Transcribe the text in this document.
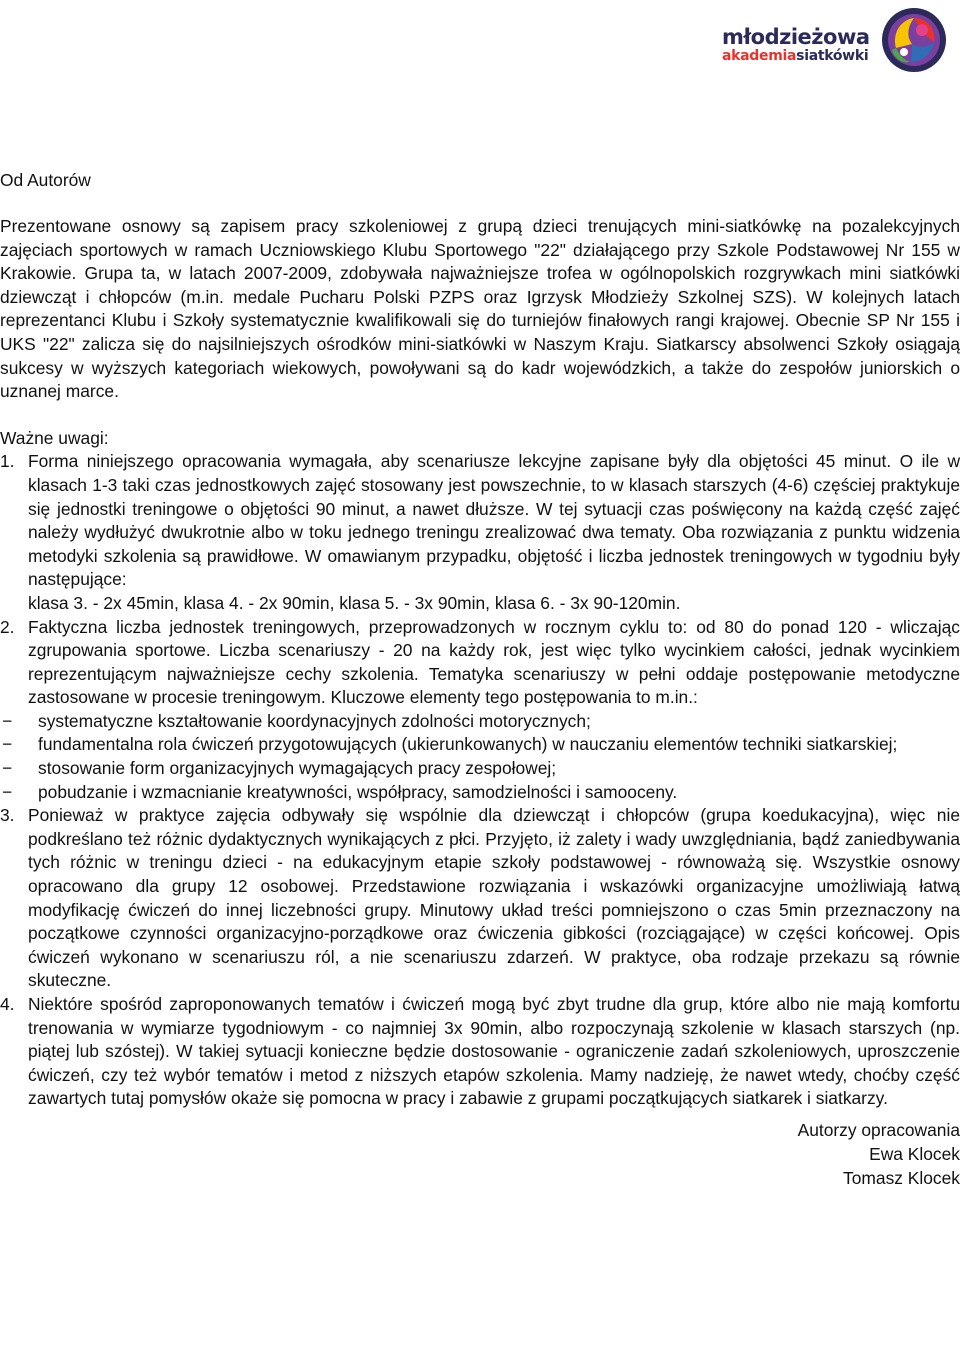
młodzieżowa
akademiasiatkówki
Od Autorów

Prezentowane osnowy są zapisem pracy szkoleniowej z grupą dzieci trenujących mini-siatkówkę na pozalekcyjnych zajęciach sportowych w ramach Uczniowskiego Klubu Sportowego "22" działającego przy Szkole Podstawowej Nr 155 w Krakowie. Grupa ta, w latach 2007-2009, zdobywała najważniejsze trofea w ogólnopolskich rozgrywkach mini siatkówki dziewcząt i chłopców (m.in. medale Pucharu Polski PZPS oraz Igrzysk Młodzieży Szkolnej SZS). W kolejnych latach reprezentanci Klubu i Szkoły systematycznie kwalifikowali się do turniejów finałowych rangi krajowej. Obecnie SP Nr 155 i UKS "22" zalicza się do najsilniejszych ośrodków mini-siatkówki w Naszym Kraju. Siatkarscy absolwenci Szkoły osiągają sukcesy w wyższych kategoriach wiekowych, powoływani są do kadr wojewódzkich, a także do zespołów juniorskich o uznanej marce.

Ważne uwagi:

1. Forma niniejszego opracowania wymagała, aby scenariusze lekcyjne zapisane były dla objętości 45 minut. O ile w klasach 1-3 taki czas jednostkowych zajęć stosowany jest powszechnie, to w klasach starszych (4-6) częściej praktykuje się jednostki treningowe o objętości 90 minut, a nawet dłuższe. W tej sytuacji czas poświęcony na każdą część zajęć należy wydłużyć dwukrotnie albo w toku jednego treningu zrealizować dwa tematy. Oba rozwiązania z punktu widzenia metodyki szkolenia są prawidłowe. W omawianym przypadku, objętość i liczba jednostek treningowych w tygodniu były następujące:

klasa 3. - 2x 45min, klasa 4. - 2x 90min, klasa 5. - 3x 90min, klasa 6. - 3x 90-120min.

2. Faktyczna liczba jednostek treningowych, przeprowadzonych w rocznym cyklu to: od 80 do ponad 120 - wliczając zgrupowania sportowe. Liczba scenariuszy - 20 na każdy rok, jest więc tylko wycinkiem całości, jednak wycinkiem reprezentującym najważniejsze cechy szkolenia. Tematyka scenariuszy w pełni oddaje postępowanie metodyczne zastosowane w procesie treningowym. Kluczowe elementy tego postępowania to m.in.:

− systematyczne kształtowanie koordynacyjnych zdolności motorycznych;
− fundamentalna rola ćwiczeń przygotowujących (ukierunkowanych) w nauczaniu elementów techniki siatkarskiej;
− stosowanie form organizacyjnych wymagających pracy zespołowej;
− pobudzanie i wzmacnianie kreatywności, współpracy, samodzielności i samooceny.
3. Ponieważ w praktyce zajęcia odbywały się wspólnie dla dziewcząt i chłopców (grupa koedukacyjna), więc nie podkreślano też różnic dydaktycznych wynikających z płci. Przyjęto, iż zalety i wady uwzględniania, bądź zaniedbywania tych różnic w treningu dzieci - na edukacyjnym etapie szkoły podstawowej - równoważą się. Wszystkie osnowy opracowano dla grupy 12 osobowej. Przedstawione rozwiązania i wskazówki organizacyjne umożliwiają łatwą modyfikację ćwiczeń do innej liczebności grupy. Minutowy układ treści pomniejszono o czas 5min przeznaczony na początkowe czynności organizacyjno-porządkowe oraz ćwiczenia gibkości (rozciągające) w części końcowej. Opis ćwiczeń wykonano w scenariuszu ról, a nie scenariuszu zdarzeń. W praktyce, oba rodzaje przekazu są równie skuteczne.

4. Niektóre spośród zaproponowanych tematów i ćwiczeń mogą być zbyt trudne dla grup, które albo nie mają komfortu trenowania w wymiarze tygodniowym - co najmniej 3x 90min, albo rozpoczynają szkolenie w klasach starszych (np. piątej lub szóstej). W takiej sytuacji konieczne będzie dostosowanie - ograniczenie zadań szkoleniowych, uproszczenie ćwiczeń, czy też wybór tematów i metod z niższych etapów szkolenia. Mamy nadzieję, że nawet wtedy, choćby część zawartych tutaj pomysłów okaże się pomocna w pracy i zabawie z grupami początkujących siatkarek i siatkarzy.

Autorzy opracowania
Ewa Klocek
Tomasz Klocek
